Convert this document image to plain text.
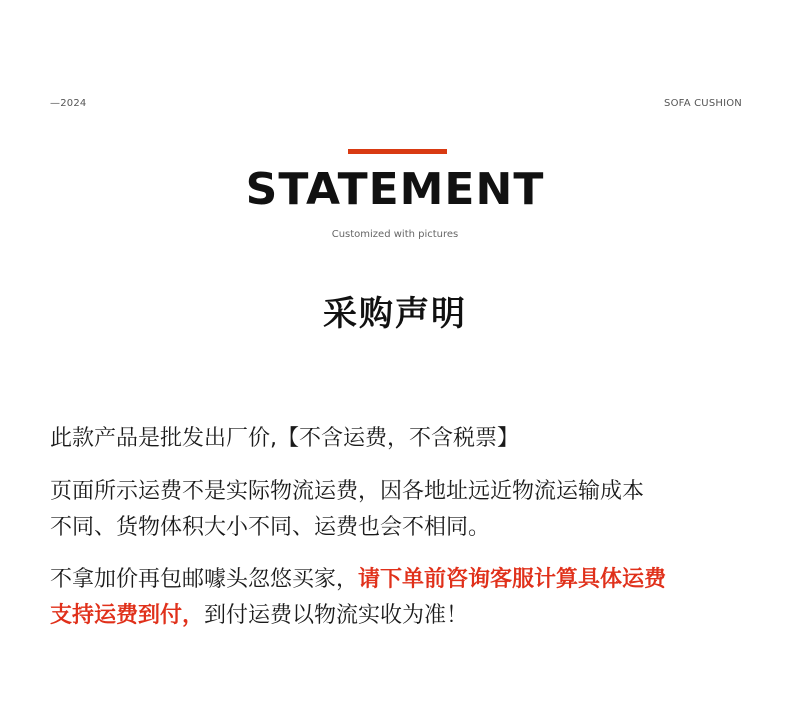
—2024	SOFA CUSHION
STATEMENT
Customized with pictures
采购声明
此款产品是批发出厂价,【不含运费，不含税票】
页面所示运费不是实际物流运费，因各地址远近物流运输成本
不同、货物体积大小不同、运费也会不相同。
不拿加价再包邮噱头忽悠买家，请下单前咨询客服计算具体运费
支持运费到付，到付运费以物流实收为准！
